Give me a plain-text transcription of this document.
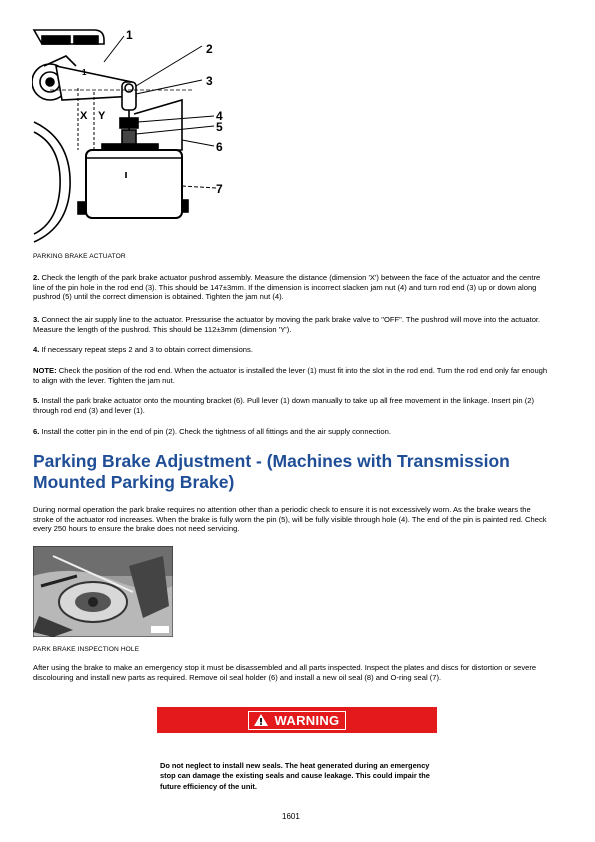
1
2
3
4
5
6
7
X Y
1
PARKING BRAKE ACTUATOR
2. Check the length of the park brake actuator pushrod assembly. Measure the distance (dimension 'X') between the face of the actuator and the centre line of the pin hole in the rod end (3). This should be 147±3mm. If the dimension is incorrect slacken jam nut (4) and turn rod end (3) up or down along pushrod (5) until the correct dimension is obtained. Tighten the jam nut (4).
3. Connect the air supply line to the actuator. Pressurise the actuator by moving the park brake valve to "OFF". The pushrod will move into the actuator. Measure the length of the pushrod. This should be 112±3mm (dimension 'Y').
4. If necessary repeat steps 2 and 3 to obtain correct dimensions.
NOTE: Check the position of the rod end. When the actuator is installed the lever (1) must fit into the slot in the rod end. Turn the rod end only far enough to align with the lever. Tighten the jam nut.
5. Install the park brake actuator onto the mounting bracket (6). Pull lever (1) down manually to take up all free movement in the linkage. Insert pin (2) through rod end (3) and lever (1).
6. Install the cotter pin in the end of pin (2). Check the tightness of all fittings and the air supply connection.
Parking Brake Adjustment - (Machines with Transmission Mounted Parking Brake)
During normal operation the park brake requires no attention other than a periodic check to ensure it is not excessively worn. As the brake wears the stroke of the actuator rod increases. When the brake is fully worn the pin (5), will be fully visible through hole (4). The end of the pin is painted red. Check every 250 hours to ensure the brake does not need servicing.
PARK BRAKE INSPECTION HOLE
After using the brake to make an emergency stop it must be disassembled and all parts inspected. Inspect the plates and discs for distortion or severe discolouring and install new parts as required. Remove oil seal holder (6) and install a new oil seal (8) and O-ring seal (7).
WARNING
Do not neglect to install new seals. The heat generated during an emergency stop can damage the existing seals and cause leakage. This could impair the future efficiency of the unit.
1601
